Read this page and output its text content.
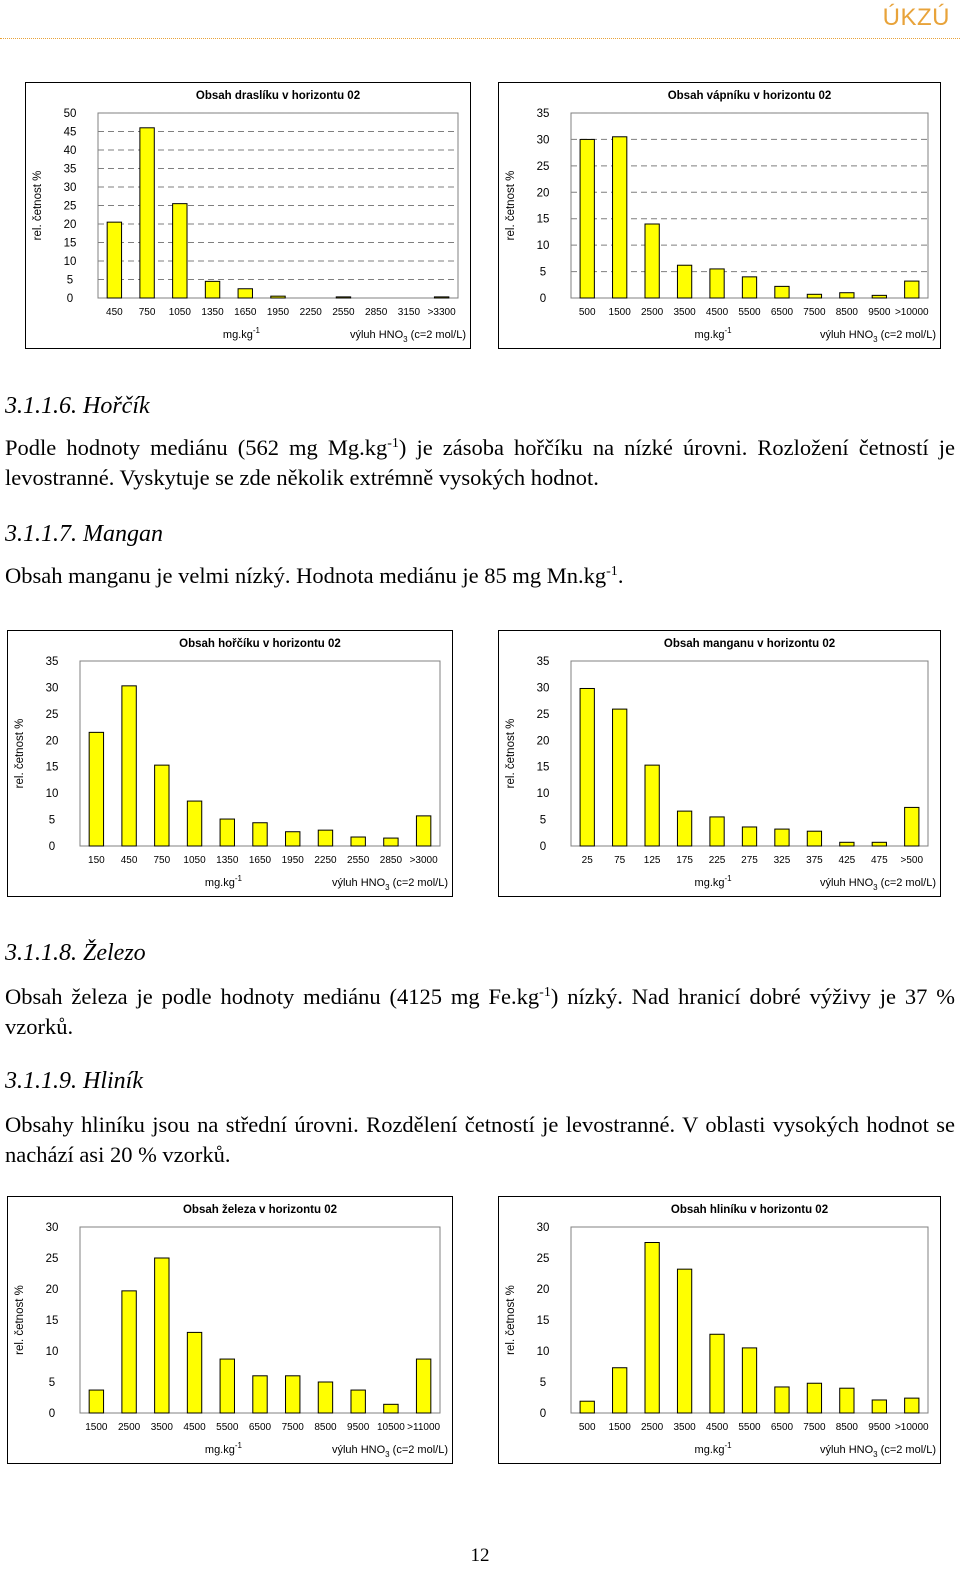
ÚKZÚ
Obsah draslíku v horizontu 02
0
5
10
15
20
25
30
35
40
45
50
rel. četnost %
450 750 1050 1350 1650 1950 2250 2550 2850 3150 >3300
$mg.kg^{-1}$	výluh $HNO_3$ (c=2 mol/L)
Obsah vápníku v horizontu 02
0
5
10
15
20
25
30
35
rel. četnost %
500 1500 2500 3500 4500 5500 6500 7500 8500 9500 >10000
$mg.kg^{-1}$	výluh $HNO_3$ (c=2 mol/L)
3.1.1.6. Hořčík
Podle hodnoty mediánu (562 mg $Mg.kg^{-1}$) je zásoba hořčíku na nízké úrovni. Rozložení četností je levostranné. Vyskytuje se zde několik extrémně vysokých hodnot.
3.1.1.7. Mangan
Obsah manganu je velmi nízký. Hodnota mediánu je 85 mg $Mn.kg^{-1}$.
Obsah hořčíku v horizontu 02
0
5
10
15
20
25
30
35
rel. četnost %
150 450 750 1050 1350 1650 1950 2250 2550 2850 >3000
$mg.kg^{-1}$	výluh $HNO_3$ (c=2 mol/L)
Obsah manganu v horizontu 02
0
5
10
15
20
25
30
35
rel. četnost %
25 75 125 175 225 275 325 375 425 475 >500
$mg.kg^{-1}$	výluh $HNO_3$ (c=2 mol/L)
3.1.1.8. Železo
Obsah železa je podle hodnoty mediánu (4125 mg $Fe.kg^{-1}$) nízký. Nad hranicí dobré výživy je 37 % vzorků.
3.1.1.9. Hliník
Obsahy hliníku jsou na střední úrovni. Rozdělení četností je levostranné. V oblasti vysokých hodnot se nachází asi 20 % vzorků.
Obsah železa v horizontu 02
0
5
10
15
20
25
30
rel. četnost %
1500 2500 3500 4500 5500 6500 7500 8500 9500 10500 >11000
$mg.kg^{-1}$	výluh $HNO_3$ (c=2 mol/L)
Obsah hliníku v horizontu 02
0
5
10
15
20
25
30
rel. četnost %
500 1500 2500 3500 4500 5500 6500 7500 8500 9500 >10000
$mg.kg^{-1}$	výluh $HNO_3$ (c=2 mol/L)
12
